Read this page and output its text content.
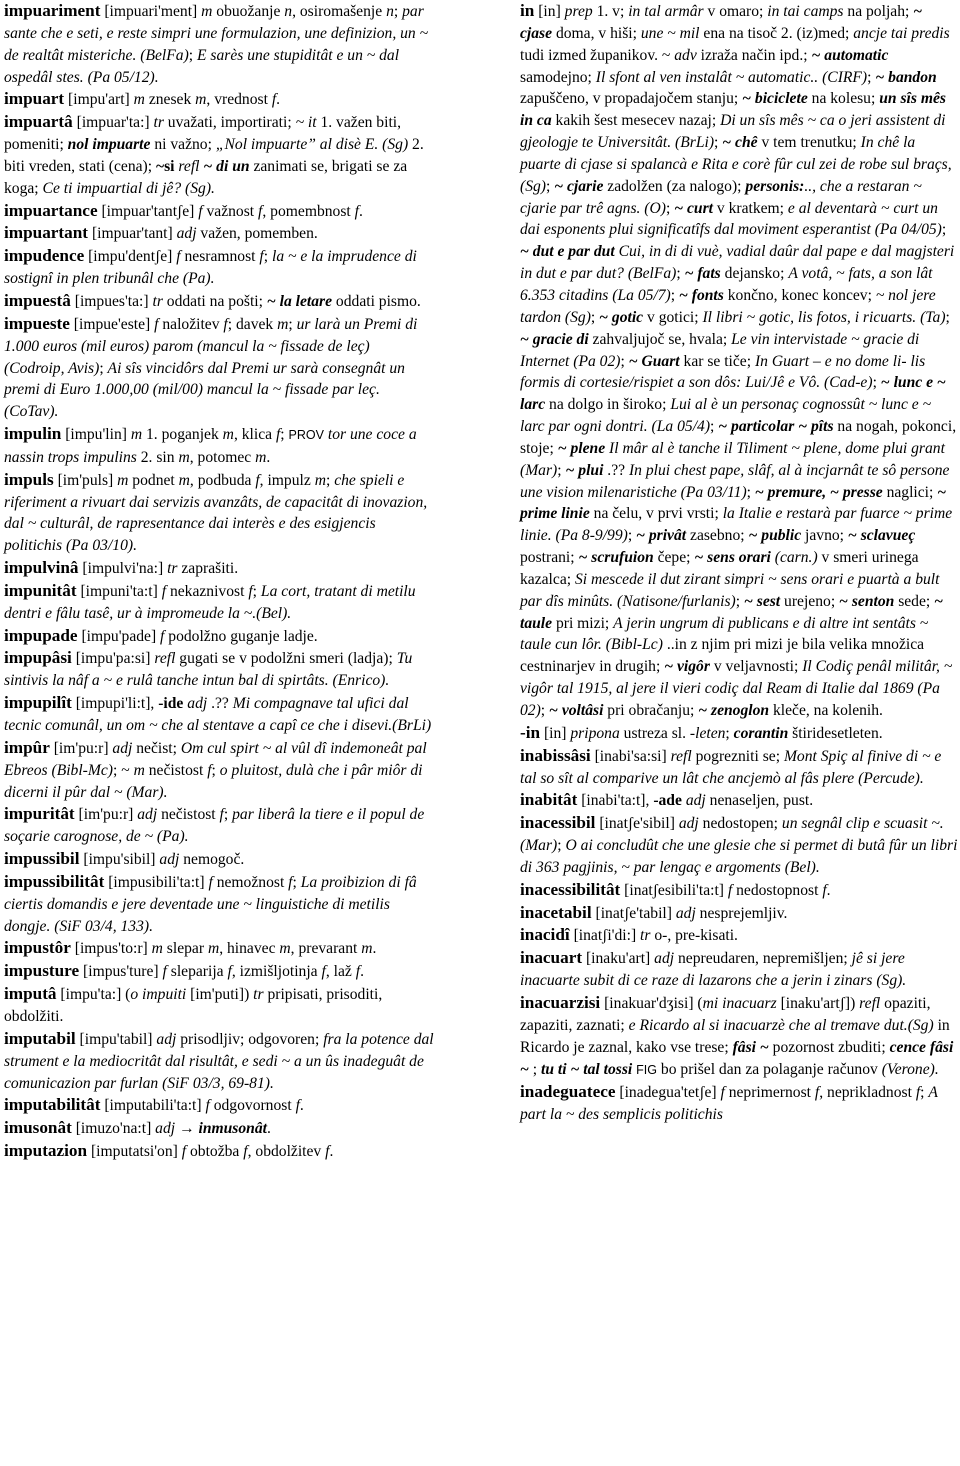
impuariment [impuari'ment] m obuožanje n, osiromašenje n; par sante che e seti, e reste simpri une formulazion, une definizion, un ~ de realtât misteriche. (BelFa); E sarès une stupiditât e un ~ dal ospedâl stes. (Pa 05/12).

impuart [impu'art] m znesek m, vrednost f.

impuartâ [impuar'ta:] tr uvažati, importirati; ~ it 1. važen biti, pomeniti; nol impuarte ni važno; „Nol impuarte” al disè E. (Sg) 2. biti vreden, stati (cena); ~si refl ~ di un zanimati se, brigati se za koga; Ce ti impuartial di jê? (Sg).

impuartance [impuar'tantʃe] f važnost f, pomembnost f.

impuartant [impuar'tant] adj važen, pomemben.

impudence [impu'dentʃe] f nesramnost f; la ~ e la imprudence di sostignî in plen tribunâl che (Pa).

impuestâ [impues'ta:] tr oddati na pošti; ~ la letare oddati pismo.

impueste [impue'este] f naložitev f; davek m; ur larà un Premi di 1.000 euros (mil euros) parom (mancul la ~ fissade de leç) (Codroip, Avis); Ai sîs vincidôrs dal Premi ur sarà consegnât un premi di Euro 1.000,00 (mil/00) mancul la ~ fissade par leç. (CoTav).

impulin [impu'lin] m 1. poganjek m, klica f; PROV tor une coce a nassin trops impulins 2. sin m, potomec m.

impuls [im'puls] m podnet m, podbuda f, impulz m; che spieli e riferiment a rivuart dai servizis avanzâts, de capacitât di inovazion, dal ~ culturâl, de rapresentance dai interès e des esigjencis politichis (Pa 03/10).

impulvinâ [impulvi'na:] tr zaprašiti.

impunitât [impuni'ta:t] f nekaznivost f; La cort, tratant di metilu dentri e fâlu tasê, ur à impromeude la ~.(Bel).

impupade [impu'pade] f podolžno guganje ladje.

impupâsi [impu'pa:si] refl gugati se v podolžni smeri (ladja); Tu sintivis la nâf a ~ e rulâ tanche intun bal di spirtâts. (Enrico).

impupilît [impupi'li:t], -ide adj .?? Mi compagnave tal ufici dal tecnic comunâl, un om ~ che al stentave a capî ce che i disevi.(BrLi)

impûr [im'pu:r] adj nečist; Om cul spirt ~ al vûl dî indemoneât pal Ebreos (Bibl-Mc); ~ m nečistost f; o pluitost, dulà che i pâr miôr di dicerni il pûr dal ~ (Mar).

impuritât [im'pu:r] adj nečistost f; par liberâ la tiere e il popul de soçarie carognose, de ~ (Pa).

impussibil [impu'sibil] adj nemogoč.

impussibilitât [impusibili'ta:t] f nemožnost f; La proibizion di fâ ciertis domandis e jere deventade une ~ linguistiche di metilis dongje. (SiF 03/4, 133).

impustôr [impus'to:r] m slepar m, hinavec m, prevarant m.

impusture [impus'ture] f sleparija f, izmišljotinja f, laž f.

imputâ [impu'ta:] (o impuiti [im'puti]) tr pripisati, prisoditi, obdolžiti.

imputabil [impu'tabil] adj prisodljiv; odgovoren; fra la potence dal strument e la mediocritât dal risultât, e sedi ~ a un ûs inadeguât de comunicazion par furlan (SiF 03/3, 69-81).

imputabilitât [imputabili'ta:t] f odgovornost f.

imusonât [imuzo'na:t] adj → inmusonât.

imputazion [imputatsi'on] f obtožba f, obdolžitev f.

in [in] prep 1. v; in tal armâr v omaro; in tai camps na poljah; ~ cjase doma, v hiši; une ~ mil ena na tisoč 2. (iz)med; ancje tai predis tudi izmed županikov. ~ adv izraža način ipd.; ~ automatic samodejno; Il sfont al ven instalât ~ automatic.. (CIRF); ~ bandon zapuščeno, v propadajočem stanju; ~ biciclete na kolesu; un sîs mês in ca kakih šest mesecev nazaj; Di un sîs mês ~ ca o jeri assistent di gjeologje te Universitât. (BrLi); ~ chê v tem trenutku; In chê la puarte di cjase si spalancà e Rita e corè fûr cul zei de robe sul braçs, (Sg); ~ cjarie zadolžen (za nalogo); personis:.., che a restaran ~ cjarie par trê agns. (O); ~ curt v kratkem; e al deventarà ~ curt un dai esponents plui significatîfs dal moviment esperantist (Pa 04/05); ~ dut e par dut Cui, in di di vuè, vadial daûr dal pape e dal magjsteri in dut e par dut? (BelFa); ~ fats dejansko; A votâ, ~ fats, a son lât 6.353 citadins (La 05/7); ~ fonts končno, konec koncev; ~ nol jere tardon (Sg); ~ gotic v gotici; Il libri ~ gotic, lis fotos, i ricuarts. (Ta); ~ gracie di zahvaljujoč se, hvala; Le vin intervistade ~ gracie di Internet (Pa 02); ~ Guart kar se tiče; In Guart – e no dome li- lis formis di cortesie/rispiet a son dôs: Lui/Jê e Vô. (Cad-e); ~ lunc e ~ larc na dolgo in široko; Lui al è un personaç cognossût ~ lunc e ~ larc par ogni dontri. (La 05/4); ~ particolar ~ pîts na nogah, pokonci, stoje; ~ plene Il mâr al è tanche il Tiliment ~ plene, dome plui grant (Mar); ~ plui .?? In plui chest pape, slâf, al à incjarnât te sô persone une vision milenaristiche (Pa 03/11); ~ premure, ~ presse naglici; ~ prime linie na čelu, v prvi vrsti; la Italie e restarà par fuarce ~ prime linie. (Pa 8-9/99); ~ privât zasebno; ~ public javno; ~ sclavueç postrani; ~ scrufuion čepe; ~ sens orari (carn.) v smeri urinega kazalca; Si mescede il dut zirant simpri ~ sens orari e puartà a bult par dîs minûts. (Natisone/furlanis); ~ sest urejeno; ~ senton sede; ~ taule pri mizi; A jerin ungrum di publicans e di altre int sentâts ~ taule cun lôr. (Bibl-Lc) ..in z njim pri mizi je bila velika množica cestninarjev in drugih; ~ vigôr v veljavnosti; Il Codiç penâl militâr, ~ vigôr tal 1915, al jere il vieri codiç dal Ream di Italie dal 1869 (Pa 02); ~ voltâsi pri obračanju; ~ zenoglon kleče, na kolenih.

-in [in] pripona ustreza sl. -leten; corantin štiridesetleten.

inabissâsi [inabi'sa:si] refl pogrezniti se; Mont Spiç al finive di ~ e tal so sît al comparive un lât che ancjemò al fâs plere (Percude).

inabitât [inabi'ta:t], -ade adj nenaseljen, pust.

inacessibil [inatʃe'sibil] adj nedostopen; un segnâl clip e scuasit ~. (Mar); O ai concludût che une glesie che si permet di butâ fûr un libri di 363 pagjinis, ~ par lengaç e argoments (Bel).

inacessibilitât [inatʃesibili'ta:t] f nedostopnost f.

inacetabil [inatʃe'tabil] adj nesprejemljiv.

inacidî [inatʃi'di:] tr o-, pre-kisati.

inacuart [inaku'art] adj nepreudaren, nepremišljen; jê si jere inacuarte subit di ce raze di lazarons che a jerin i zinars (Sg).

inacuarzisi [inakuar'dʒisi] (mi inacuarz [inaku'artʃ]) refl opaziti, zapaziti, zaznati; e Ricardo al si inacuarzè che al tremave dut.(Sg) in Ricardo je zaznal, kako vse trese; fâsi ~ pozornost zbuditi; cence fâsi ~ ; tu ti ~ tal tossi FIG bo prišel dan za polaganje računov (Verone).

inadeguatece [inadegua'tetʃe] f neprimernost f, neprikladnost f; A part la ~ des semplicis politichis
